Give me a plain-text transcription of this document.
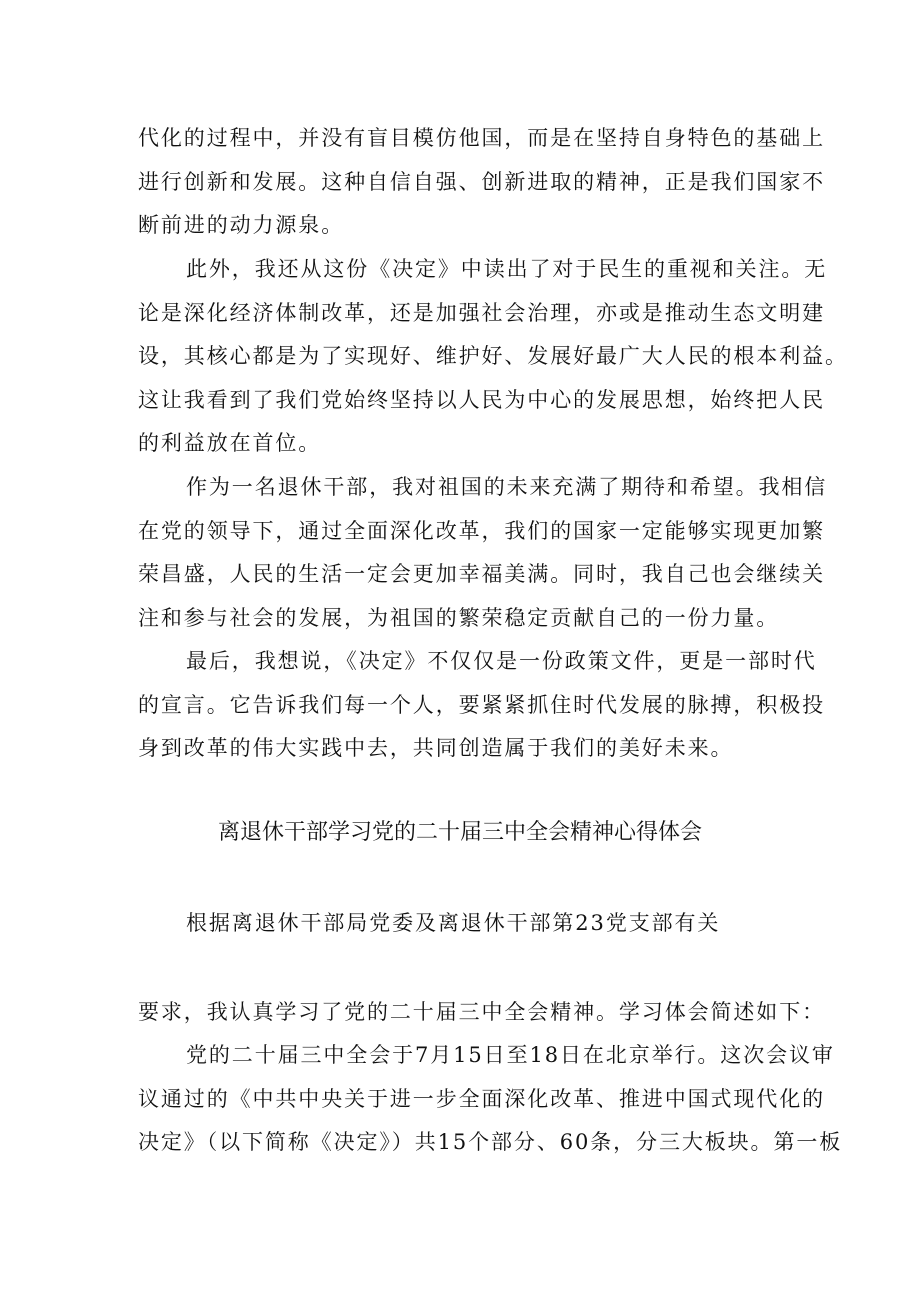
代化的过程中，并没有盲目模仿他国，而是在坚持自身特色的基础上
进行创新和发展。这种自信自强、创新进取的精神，正是我们国家不
断前进的动力源泉。
此外，我还从这份《决定》中读出了对于民生的重视和关注。无
论是深化经济体制改革，还是加强社会治理，亦或是推动生态文明建
设，其核心都是为了实现好、维护好、发展好最广大人民的根本利益。
这让我看到了我们党始终坚持以人民为中心的发展思想，始终把人民
的利益放在首位。
作为一名退休干部，我对祖国的未来充满了期待和希望。我相信
在党的领导下，通过全面深化改革，我们的国家一定能够实现更加繁
荣昌盛，人民的生活一定会更加幸福美满。同时，我自己也会继续关
注和参与社会的发展，为祖国的繁荣稳定贡献自己的一份力量。
最后，我想说，《决定》不仅仅是一份政策文件，更是一部时代
的宣言。它告诉我们每一个人，要紧紧抓住时代发展的脉搏，积极投
身到改革的伟大实践中去，共同创造属于我们的美好未来。
离退休干部学习党的二十届三中全会精神心得体会
根据离退休干部局党委及离退休干部第23党支部有关
要求，我认真学习了党的二十届三中全会精神。学习体会简述如下：
党的二十届三中全会于7月15日至18日在北京举行。这次会议审
议通过的《中共中央关于进一步全面深化改革、推进中国式现代化的
决定》（以下简称《决定》）共15个部分、60条，分三大板块。第一板
